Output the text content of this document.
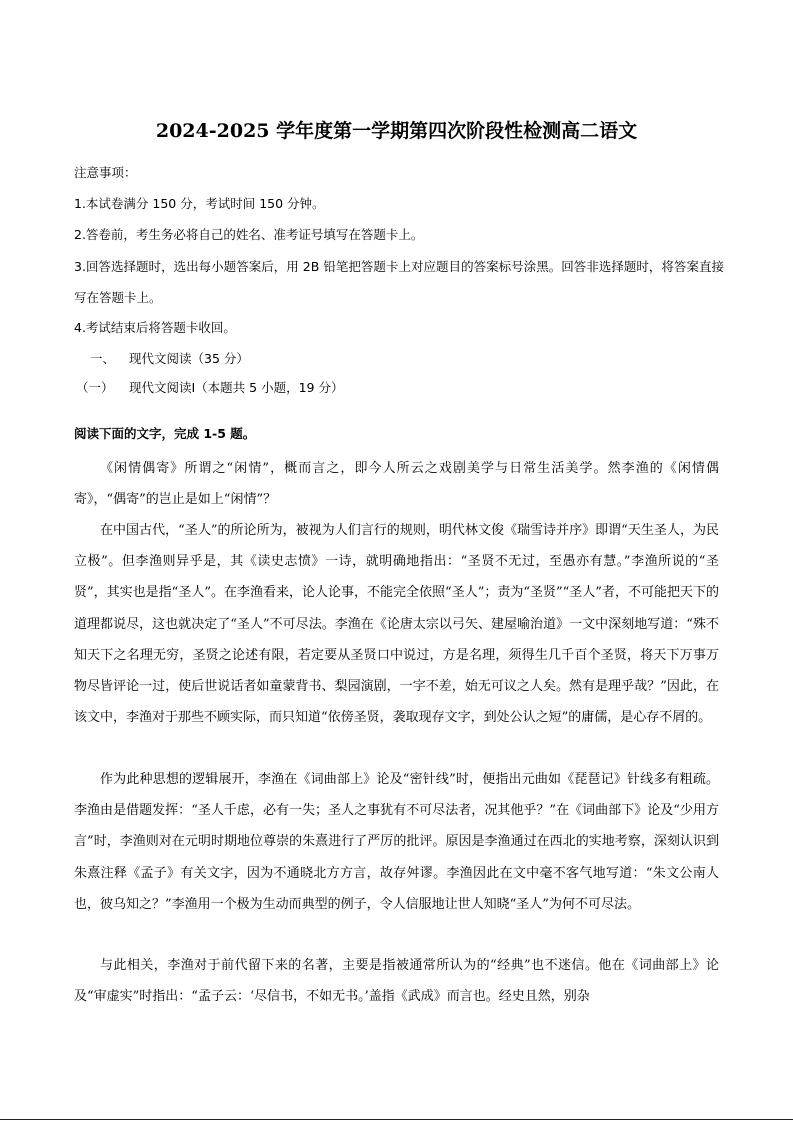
2024-2025 学年度第一学期第四次阶段性检测高二语文
注意事项：
1.本试卷满分 150 分，考试时间 150 分钟。
2.答卷前，考生务必将自己的姓名、准考证号填写在答题卡上。
3.回答选择题时，选出每小题答案后，用 2B 铅笔把答题卡上对应题目的答案标号涂黑。回答非选择题时，将答案直接写在答题卡上。
4.考试结束后将答题卡收回。
一、 现代文阅读（35 分）
（一） 现代文阅读Ⅰ（本题共 5 小题，19 分）
阅读下面的文字，完成 1-5 题。
《闲情偶寄》所谓之“闲情”，概而言之，即今人所云之戏剧美学与日常生活美学。然李渔的《闲情偶寄》，“偶寄”的岂止是如上“闲情”？
在中国古代，“圣人”的所论所为，被视为人们言行的规则，明代林文俊《瑞雪诗并序》即谓“天生圣人，为民立极”。但李渔则异乎是，其《读史志愤》一诗，就明确地指出：“圣贤不无过，至愚亦有慧。”李渔所说的“圣贤”，其实也是指“圣人”。在李渔看来，论人论事，不能完全依照“圣人”；责为“圣贤”“圣人”者，不可能把天下的道理都说尽，这也就决定了“圣人”不可尽法。李渔在《论唐太宗以弓矢、建屋喻治道》一文中深刻地写道：“殊不知天下之名理无穷，圣贤之论述有限，若定要从圣贤口中说过，方是名理，须得生几千百个圣贤，将天下万事万物尽皆评论一过，使后世说话者如童蒙背书、梨园演剧，一字不差，始无可议之人矣。然有是理乎哉？”因此，在该文中，李渔对于那些不顾实际，而只知道“依傍圣贤，袭取现存文字，到处公认之短”的庸儒，是心存不屑的。
作为此种思想的逻辑展开，李渔在《词曲部上》论及“密针线”时，便指出元曲如《琵琶记》针线多有粗疏。李渔由是借题发挥：“圣人千虑，必有一失；圣人之事犹有不可尽法者，况其他乎？”在《词曲部下》论及“少用方言”时，李渔则对在元明时期地位尊崇的朱熹进行了严厉的批评。原因是李渔通过在西北的实地考察，深刻认识到朱熹注释《孟子》有关文字，因为不通晓北方方言，故存舛谬。李渔因此在文中毫不客气地写道：“朱文公南人也，彼乌知之？”李渔用一个极为生动而典型的例子，令人信服地让世人知晓“圣人”为何不可尽法。
与此相关，李渔对于前代留下来的名著，主要是指被通常所认为的“经典”也不迷信。他在《词曲部上》论及“审虚实”时指出：“孟子云：‘尽信书，不如无书。’盖指《武成》而言也。经史且然，别杂
